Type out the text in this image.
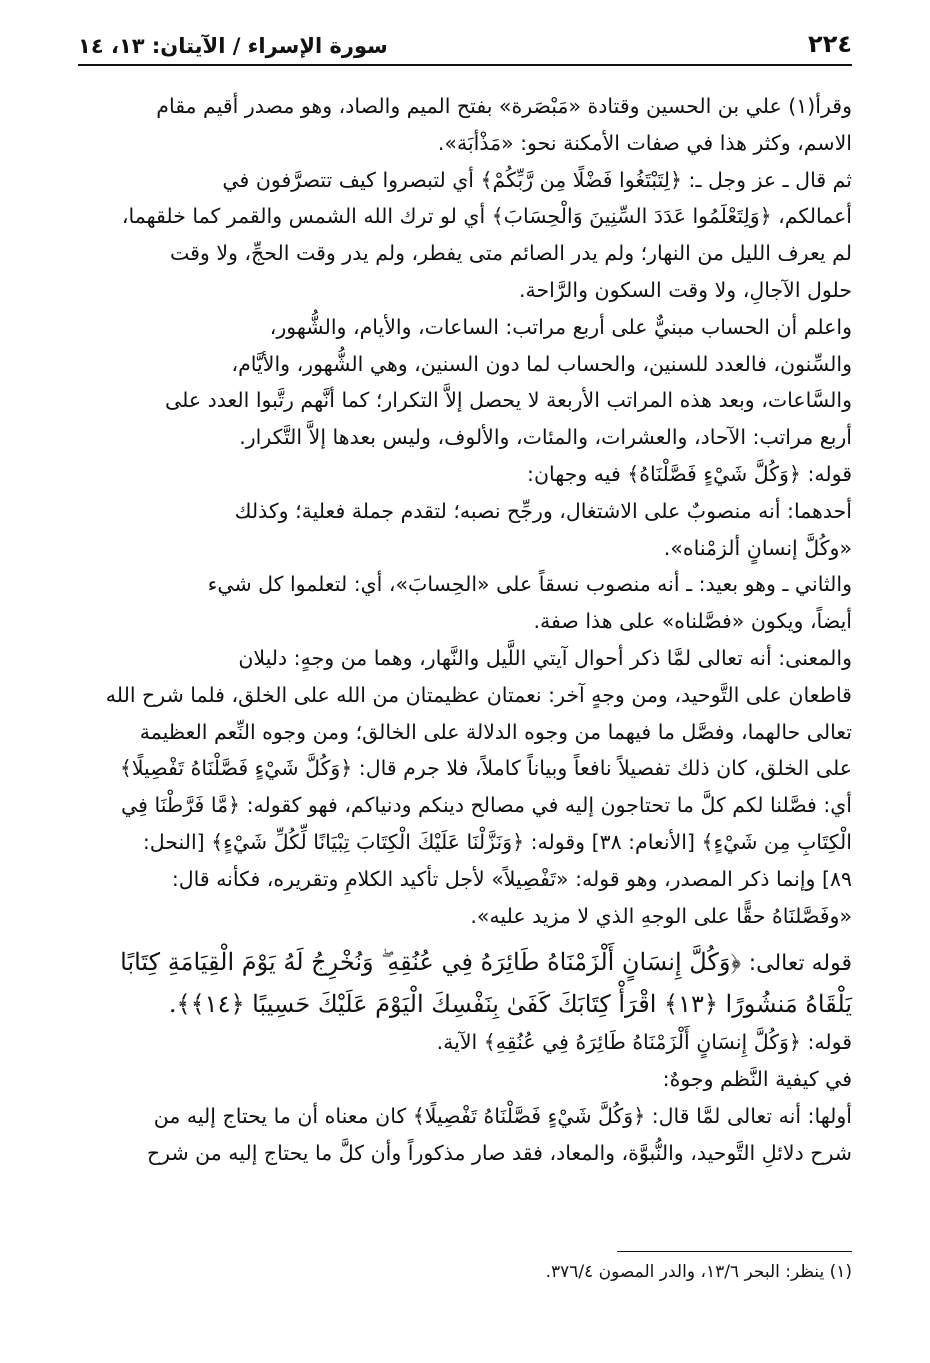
٢٢٤
سورة الإسراء / الآيتان: ١٣، ١٤
وقرأ(١) علي بن الحسين وقتادة «مَبْصَرة» بفتح الميم والصاد، وهو مصدر أقيم مقام
الاسم، وكثر هذا في صفات الأمكنة نحو: «مَذْأبَة».
ثم قال ـ عز وجل ـ: ﴿لِتَبْتَغُوا فَضْلًا مِن رَّبِّكُمْ﴾ أي لتبصروا كيف تتصرَّفون في
أعمالكم، ﴿وَلِتَعْلَمُوا عَدَدَ السِّنِينَ وَالْحِسَابَ﴾ أي لو ترك الله الشمس والقمر كما خلقهما،
لم يعرف الليل من النهار؛ ولم يدر الصائم متى يفطر، ولم يدر وقت الحجِّ، ولا وقت
حلول الآجالِ، ولا وقت السكون والرَّاحة.
واعلم أن الحساب مبنيٌّ على أربع مراتب: الساعات، والأيام، والشُّهور،
والسِّنون، فالعدد للسنين، والحساب لما دون السنين، وهي الشُّهور، والأيَّام،
والسَّاعات، وبعد هذه المراتب الأربعة لا يحصل إلاَّ التكرار؛ كما أنَّهم رتَّبوا العدد على
أربع مراتب: الآحاد، والعشرات، والمئات، والألوف، وليس بعدها إلاَّ التَّكرار.
قوله: ﴿وَكُلَّ شَيْءٍ فَصَّلْنَاهُ﴾ فيه وجهان:
أحدهما: أنه منصوبٌ على الاشتغال، ورجِّح نصبه؛ لتقدم جملة فعلية؛ وكذلك
«وكُلَّ إنسانٍ ألزمْناه».
والثاني ـ وهو بعيد: ـ أنه منصوب نسقاً على «الحِسابَ»، أي: لتعلموا كل شيء
أيضاً، ويكون «فصَّلناه» على هذا صفة.
والمعنى: أنه تعالى لمَّا ذكر أحوال آيتي اللَّيل والنَّهار، وهما من وجهٍ: دليلان
قاطعان على التَّوحيد، ومن وجهٍ آخر: نعمتان عظيمتان من الله على الخلق، فلما شرح الله
تعالى حالهما، وفصَّل ما فيهما من وجوه الدلالة على الخالق؛ ومن وجوه النِّعم العظيمة
على الخلق، كان ذلك تفصيلاً نافعاً وبياناً كاملاً، فلا جرم قال: ﴿وَكُلَّ شَيْءٍ فَصَّلْنَاهُ تَفْصِيلًا﴾
أي: فصَّلنا لكم كلَّ ما تحتاجون إليه في مصالح دينكم ودنياكم، فهو كقوله: ﴿مَّا فَرَّطْنَا فِي
الْكِتَابِ مِن شَيْءٍ﴾ [الأنعام: ٣٨] وقوله: ﴿وَنَزَّلْنَا عَلَيْكَ الْكِتَابَ تِبْيَانًا لِّكُلِّ شَيْءٍ﴾ [النحل:
٨٩] وإنما ذكر المصدر، وهو قوله: «تَفْصِيلاً» لأجل تأكيد الكلامِ وتقريره، فكأنه قال:
«وفَصَّلنَاهُ حقًّا على الوجهِ الذي لا مزيد عليه».
قوله تعالى: ﴿وَكُلَّ إِنسَانٍ أَلْزَمْنَاهُ طَائِرَهُ فِي عُنُقِهِ ۖ وَنُخْرِجُ لَهُ يَوْمَ الْقِيَامَةِ كِتَابًا
يَلْقَاهُ مَنشُورًا ﴿١٣﴾ اقْرَأْ كِتَابَكَ كَفَىٰ بِنَفْسِكَ الْيَوْمَ عَلَيْكَ حَسِيبًا ﴿١٤﴾﴾.
قوله: ﴿وَكُلَّ إِنسَانٍ أَلْزَمْنَاهُ طَائِرَهُ فِي عُنُقِهِ﴾ الآية.
في كيفية النَّظم وجوهٌ:
أولها: أنه تعالى لمَّا قال: ﴿وَكُلَّ شَيْءٍ فَصَّلْنَاهُ تَفْصِيلًا﴾ كان معناه أن ما يحتاج إليه من
شرح دلائلِ التَّوحيد، والنُّبوَّة، والمعاد، فقد صار مذكوراً وأن كلَّ ما يحتاج إليه من شرح
(١) ينظر: البحر ١٣/٦، والدر المصون ٣٧٦/٤.
